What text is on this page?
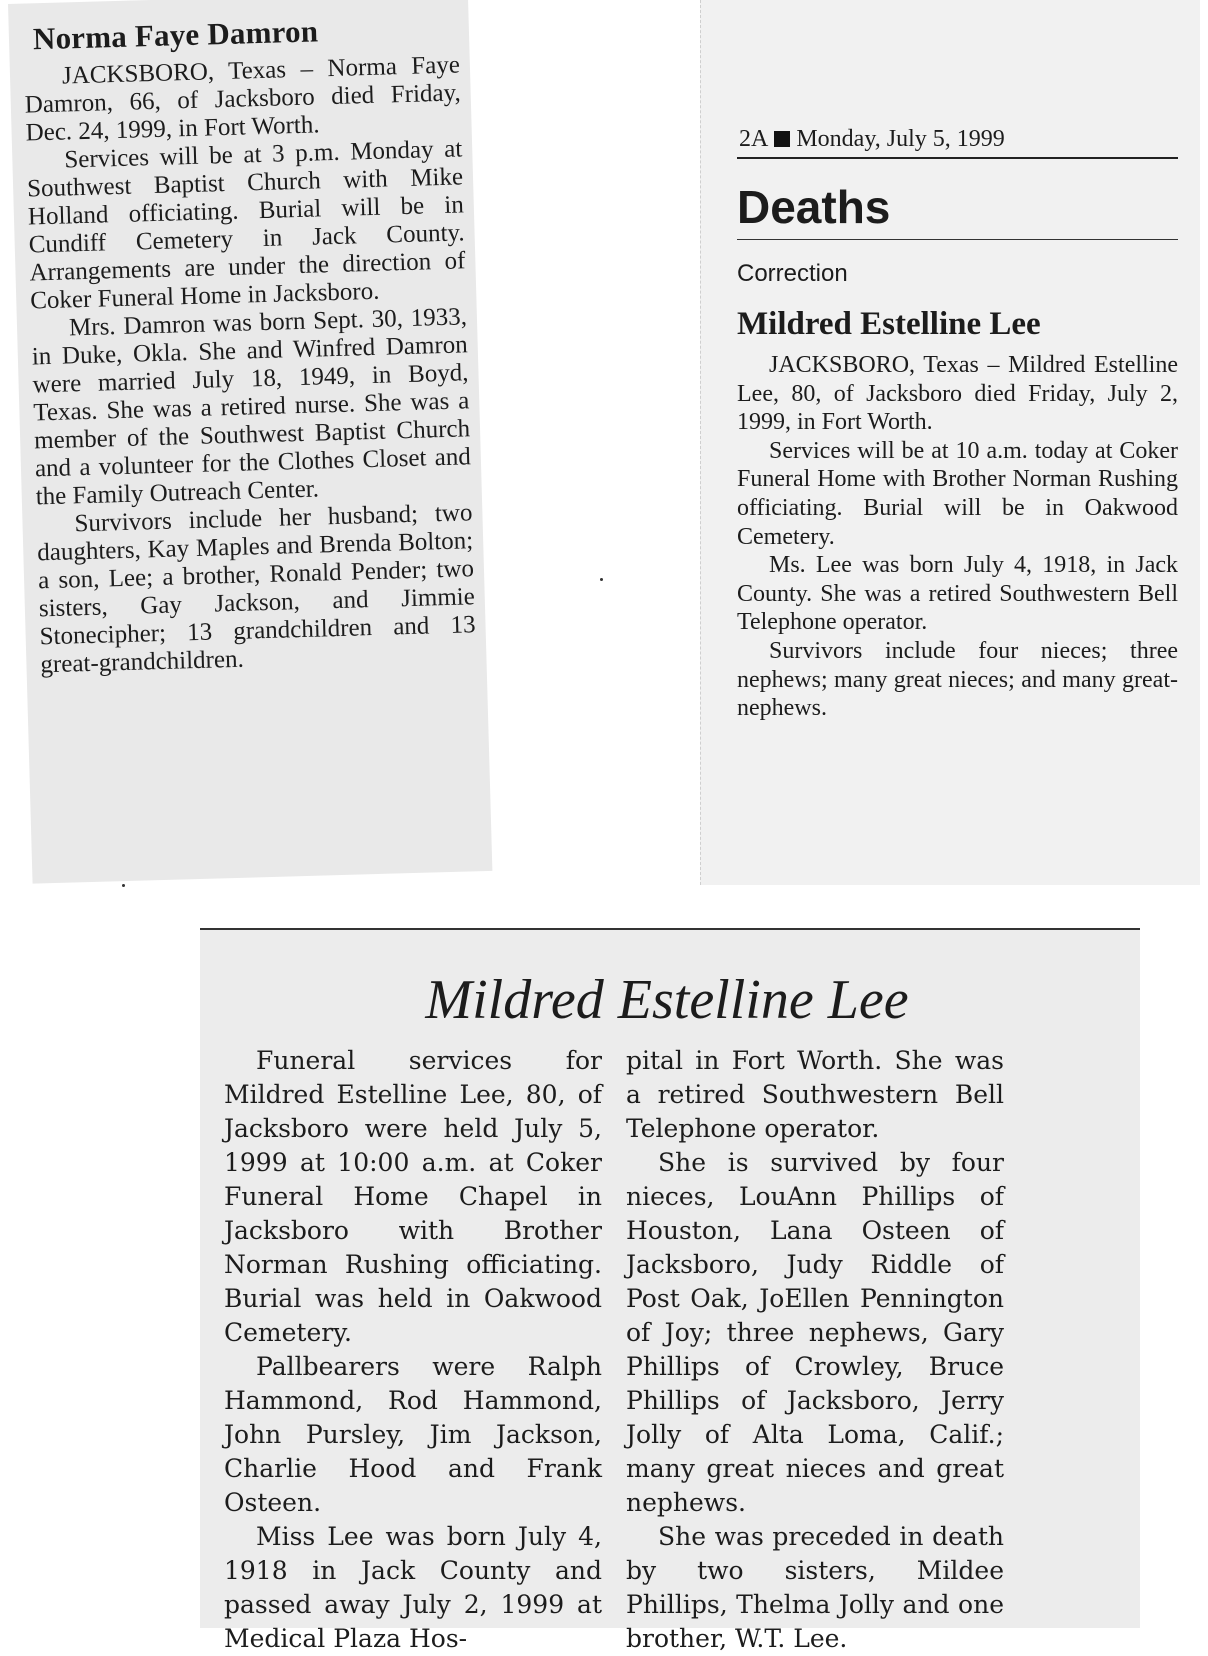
Norma Faye Damron

JACKSBORO, Texas – Norma Faye Damron, 66, of Jacksboro died Friday, Dec. 24, 1999, in Fort Worth.

Services will be at 3 p.m. Monday at Southwest Baptist Church with Mike Holland officiating. Burial will be in Cundiff Cemetery in Jack County. Arrangements are under the direction of Coker Funeral Home in Jacksboro.

Mrs. Damron was born Sept. 30, 1933, in Duke, Okla. She and Winfred Damron were married July 18, 1949, in Boyd, Texas. She was a retired nurse. She was a member of the Southwest Baptist Church and a volunteer for the Clothes Closet and the Family Outreach Center.

Survivors include her husband; two daughters, Kay Maples and Brenda Bolton; a son, Lee; a brother, Ronald Pender; two sisters, Gay Jackson, and Jimmie Stonecipher; 13 grandchildren and 13 great-grandchildren.

2A Monday, July 5, 1999
Deaths
Correction
Mildred Estelline Lee

JACKSBORO, Texas – Mildred Estelline Lee, 80, of Jacksboro died Friday, July 2, 1999, in Fort Worth.

Services will be at 10 a.m. today at Coker Funeral Home with Brother Norman Rushing officiating. Burial will be in Oakwood Cemetery.

Ms. Lee was born July 4, 1918, in Jack County. She was a retired Southwestern Bell Telephone operator.

Survivors include four nieces; three nephews; many great nieces; and many great-nephews.

Mildred Estelline Lee

Funeral services for Mildred Estelline Lee, 80, of Jacksboro were held July 5, 1999 at 10:00 a.m. at Coker Funeral Home Chapel in Jacksboro with Brother Norman Rushing officiating. Burial was held in Oakwood Cemetery.

Pallbearers were Ralph Hammond, Rod Hammond, John Pursley, Jim Jackson, Charlie Hood and Frank Osteen.

Miss Lee was born July 4, 1918 in Jack County and passed away July 2, 1999 at Medical Plaza Hos-

pital in Fort Worth. She was a retired Southwestern Bell Telephone operator.

She is survived by four nieces, LouAnn Phillips of Houston, Lana Osteen of Jacksboro, Judy Riddle of Post Oak, JoEllen Pennington of Joy; three nephews, Gary Phillips of Crowley, Bruce Phillips of Jacksboro, Jerry Jolly of Alta Loma, Calif.; many great nieces and great nephews.

She was preceded in death by two sisters, Mildee Phillips, Thelma Jolly and one brother, W.T. Lee.
